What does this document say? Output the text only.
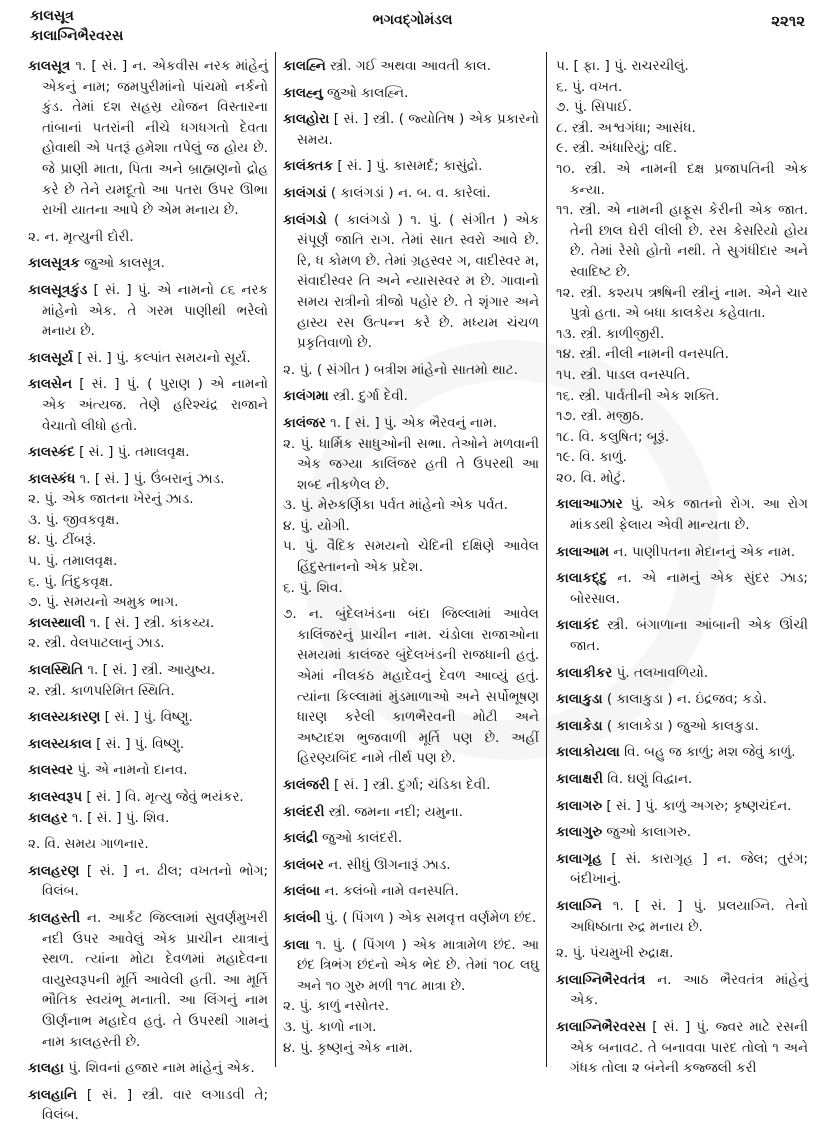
કાલસૂત્ર
કાલાગ્નિભૈરવરસ
ભગવદ્ગોમંડલ	૨૨૧૨
કાલસૂત્ર ૧. [ સં. ] ન. એકવીસ નરક માંહેનું એકનું નામ; જમપુરીમાંનો પાંચમો નર્કનો કુંડ. તેમાં દશ સહસ્ર યોજન વિસ્તારના તાંબાનાં પતરાંની નીચે ધગધગતો દેવતા હોવાથી એ પતરૂં હમેશા તપેલું જ હોય છે. જે પ્રાણી માતા, પિતા અને બ્રાહ્મણનો દ્રોહ કરે છે તેને યમદૂતો આ પતરા ઉપર ઊભા રાખી યાતના આપે છે એમ મનાય છે.
૨. ન. મૃત્યુની દોરી.
કાલસૂત્રક જુઓ કાલસૂત્ર.
કાલસૂત્રકુંડ [ સં. ] પું. એ નામનો ૮૬ નરક માંહેનો એક. તે ગરમ પાણીથી ભરેલો મનાય છે.
કાલસૂર્ય [ સં. ] પું. કલ્પાંત સમયનો સૂર્ય.
કાલસેન [ સં. ] પું. ( પુરાણ ) એ નામનો એક અંત્યજ. તેણે હરિશ્ચંદ્ર રાજાને વેચાતો લીધો હતો.
કાલસ્કંદ [ સં. ] પું. તમાલવૃક્ષ.
કાલસ્કંધ ૧. [ સં. ] પું. ઉંબરાનું ઝાડ.
૨. પું. એક જાતના ખેરનું ઝાડ.
૩. પું. જીવકવૃક્ષ.
૪. પું. ટીંબરૂં.
૫. પું. તમાલવૃક્ષ.
૬. પું. તિંદુકવૃક્ષ.
૭. પું. સમયનો અમુક ભાગ.
કાલસ્થાલી ૧. [ સં. ] સ્ત્રી. કાંકચ્ય.
૨. સ્ત્રી. વેલપાટલાનું ઝાડ.
કાલસ્થિતિ ૧. [ સં. ] સ્ત્રી. આયુષ્ય.
૨. સ્ત્રી. કાળપરિમિત સ્થિતિ.
કાલસ્યકારણ [ સં. ] પું. વિષ્ણુ.
કાલસ્યકાલ [ સં. ] પું. વિષ્ણુ.
કાલસ્વર પું. એ નામનો દાનવ.
કાલસ્વરૂપ [ સં. ] વિ. મૃત્યુ જેવું ભયંકર.
કાલહર ૧. [ સં. ] પું. શિવ.
૨. વિ. સમય ગાળનાર.
કાલહરણ [ સં. ] ન. ઢીલ; વખતનો ભોગ; વિલંબ.
કાલહસ્તી ન. આર્કટ જિલ્લામાં સુવર્ણમુખરી નદી ઉપર આવેલું એક પ્રાચીન યાત્રાનું સ્થળ. ત્યાંના મોટા દેવળમાં મહાદેવના વાયુસ્વરૂપની મૂર્તિ આવેલી હતી. આ મૂર્તિ ભૌતિક સ્વયંભૂ મનાતી. આ લિંગનું નામ ઊર્ણનાભ મહાદેવ હતું. તે ઉપરથી ગામનું નામ કાલહસ્તી છે.
કાલહા પું. શિવનાં હજાર નામ માંહેનું એક.
કાલહાનિ [ સં. ] સ્ત્રી. વાર લગાડવી તે; વિલંબ.
કાલહ્નિ સ્ત્રી. ગઈ અથવા આવતી કાલ.
કાલહ્નુ જુઓ કાલહ્નિ.
કાલહોરા [ સં. ] સ્ત્રી. ( જ્યોતિષ ) એક પ્રકારનો સમય.
કાલંક્તક [ સં. ] પું. કાસમર્દ; કાસુંદ્રો.
કાલંગડાં ( કાલંગડાં ) ન. બ. વ. કારેલાં.
કાલંગડો ( કાલંગડો ) ૧. પું. ( સંગીત ) એક સંપૂર્ણ જાતિ રાગ. તેમાં સાત સ્વરો આવે છે. રિ, ધ કોમળ છે. તેમાં ગ્રહસ્વર ગ, વાદીસ્વર મ, સંવાદીસ્વર તિ અને ન્યાસસ્વર મ છે. ગાવાનો સમય રાત્રીનો ત્રીજો પહોર છે. તે શૃંગાર અને હાસ્ય રસ ઉત્પન્ન કરે છે. મધ્યમ ચંચળ પ્રકૃતિવાળો છે.
૨. પું. ( સંગીત ) બત્રીશ માંહેનો સાતમો થાટ.
કાલંગમા સ્ત્રી. દુર્ગા દેવી.
કાલંજર ૧. [ સં. ] પું. એક ભૈરવનું નામ.
૨. પું. ધાર્મિક સાધુઓની સભા. તેઓને મળવાની એક જગ્યા કાલિંજર હતી તે ઉપરથી આ શબ્દ નીકળેલ છે.
૩. પું. મેરુકર્ણિકા પર્વત માંહેનો એક પર્વત.
૪. પું. યોગી.
૫. પું. વૈદિક સમયનો ચેદિની દક્ષિણે આવેલ હિંદુસ્તાનનો એક પ્રદેશ.
૬. પું. શિવ.
૭. ન. બુંદેલખંડના બંદા જિલ્લામાં આવેલ કાલિંજરનું પ્રાચીન નામ. ચંડોલા રાજાઓના સમયમાં કાલંજર બુંદેલખંડની રાજધાની હતું. એમાં નીલકંઠ મહાદેવનું દેવળ આવ્યું હતું. ત્યાંના કિલ્લામાં મુંડમાળાઓ અને સર્પોભૂષણ ધારણ કરેલી કાળભૈરવની મોટી અને અષ્ટાદશ ભુજવાળી મૂર્તિ પણ છે. અહીં હિરણ્યબિંદ નામે તીર્થ પણ છે.
કાલંજરી [ સં. ] સ્ત્રી. દુર્ગા; ચંડિકા દેવી.
કાલંદરી સ્ત્રી. જમના નદી; યમુના.
કાલંદ્રી જુઓ કાલંદરી.
કાલંબર ન. સીધું ઊગનારૂં ઝાડ.
કાલંબા ન. કલંબો નામે વનસ્પતિ.
કાલંબી પું. ( પિંગળ ) એક સમવૃત્ત વર્ણમેળ છંદ.
કાલા ૧. પું. ( પિંગળ ) એક માત્રામેળ છંદ. આ છંદ ત્રિભંગ છંદનો એક ભેદ છે. તેમાં ૧૦૮ લઘુ અને ૧૦ ગુરુ મળી ૧૧૮ માત્રા છે.
૨. પું. કાળું નસોતર.
૩. પું. કાળો નાગ.
૪. પું. કૃષ્ણનું એક નામ.
૫. [ ફા. ] પું. રાચરચીલું.
૬. પું. વખત.
૭. પું. સિપાઈ.
૮. સ્ત્રી. અશ્વગંધા; આસંધ.
૯. સ્ત્રી. અંધારિયું; વદિ.
૧૦. સ્ત્રી. એ નામની દક્ષ પ્રજાપતિની એક કન્યા.
૧૧. સ્ત્રી. એ નામની હાફૂસ કેરીની એક જાત. તેની છાલ ઘેરી લીલી છે. રસ કેસરિયો હોય છે. તેમાં રેસો હોતો નથી. તે સુગંધીદાર અને સ્વાદિષ્ટ છે.
૧૨. સ્ત્રી. કશ્યપ ઋષિની સ્ત્રીનું નામ. એને ચાર પુત્રો હતા. એ બધા કાલકેય કહેવાતા.
૧૩. સ્ત્રી. કાળીજીરી.
૧૪. સ્ત્રી. નીલી નામની વનસ્પતિ.
૧૫. સ્ત્રી. પાડલ વનસ્પતિ.
૧૬. સ્ત્રી. પાર્વતીની એક શક્તિ.
૧૭. સ્ત્રી. મજીઠ.
૧૮. વિ. કલુષિત; બૂરૂં.
૧૯. વિ. કાળું.
૨૦. વિ. મોટું.
કાલાઆઝાર પું. એક જાતનો રોગ. આ રોગ માંકડથી ફેલાય એવી માન્યતા છે.
કાલાઆમ ન. પાણીપતના મેદાનનું એક નામ.
કાલાકદ્દુ ન. એ નામનું એક સુંદર ઝાડ; બોરસાલ.
કાલાકંદ સ્ત્રી. બંગાળાના આંબાની એક ઊંચી જાત.
કાલાકીકર પું. તલખાવળિયો.
કાલાકુડા ( કાલાકુડા ) ન. ઇંદ્રજવ; કડો.
કાલાકેડા ( કાલાકેડા ) જુઓ કાલકુડા.
કાલાકોયલા વિ. બહુ જ કાળું; મશ જેવું કાળું.
કાલાક્ષરી વિ. ઘણું વિદ્વાન.
કાલાગરુ [ સં. ] પું. કાળું અગરુ; કૃષ્ણચંદન.
કાલાગુરુ જુઓ કાલાગરુ.
કાલાગૃહ [ સં. કારાગૃહ ] ન. જેલ; તુરંગ; બંદીખાનું.
કાલાગ્નિ ૧. [ સં. ] પું. પ્રલયાગ્નિ. તેનો અધિષ્ઠાતા રુદ્ર મનાય છે.
૨. પું. પંચમુખી રુદ્રાક્ષ.
કાલાગ્નિભૈરવતંત્ર ન. આઠ ભૈરવતંત્ર માંહેનું એક.
કાલાગ્નિભૈરવરસ [ સં. ] પું. જ્વર માટે રસની એક બનાવટ. તે બનાવવા પારદ તોલો ૧ અને ગંધક તોલા ૨ બંનેની કજ્જલી કરી
